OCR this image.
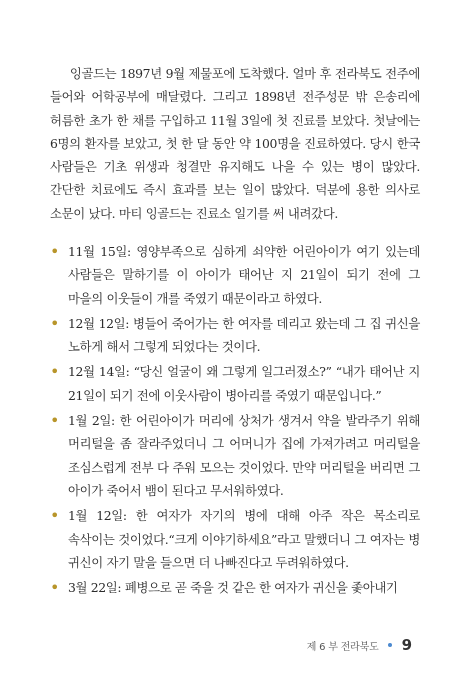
잉골드는 1897년 9월 제물포에 도착했다. 얼마 후 전라북도 전주에 들어와 어학공부에 매달렸다. 그리고 1898년 전주성문 밖 은송리에 허름한 초가 한 채를 구입하고 11월 3일에 첫 진료를 보았다. 첫날에는 6명의 환자를 보았고, 첫 한 달 동안 약 100명을 진료하였다. 당시 한국 사람들은 기초 위생과 청결만 유지해도 나을 수 있는 병이 많았다. 간단한 치료에도 즉시 효과를 보는 일이 많았다. 덕분에 용한 의사로 소문이 났다. 마티 잉골드는 진료소 일기를 써 내려갔다.

• 11월 15일: 영양부족으로 심하게 쇠약한 어린아이가 여기 있는데 사람들은 말하기를 이 아이가 태어난 지 21일이 되기 전에 그 마을의 이웃들이 개를 죽였기 때문이라고 하였다.
• 12월 12일: 병들어 죽어가는 한 여자를 데리고 왔는데 그 집 귀신을 노하게 해서 그렇게 되었다는 것이다.
• 12월 14일: “당신 얼굴이 왜 그렇게 일그러졌소?” “내가 태어난 지 21일이 되기 전에 이웃사람이 병아리를 죽였기 때문입니다.”
• 1월 2일: 한 어린아이가 머리에 상처가 생겨서 약을 발라주기 위해 머리털을 좀 잘라주었더니 그 어머니가 집에 가져가려고 머리털을 조심스럽게 전부 다 주워 모으는 것이었다. 만약 머리털을 버리면 그 아이가 죽어서 뱀이 된다고 무서워하였다.
• 1월 12일: 한 여자가 자기의 병에 대해 아주 작은 목소리로 속삭이는 것이었다.“크게 이야기하세요”라고 말했더니 그 여자는 병 귀신이 자기 말을 들으면 더 나빠진다고 두려워하였다.
• 3월 22일: 폐병으로 곧 죽을 것 같은 한 여자가 귀신을 좇아내기
제 6 부 전라북도 9
